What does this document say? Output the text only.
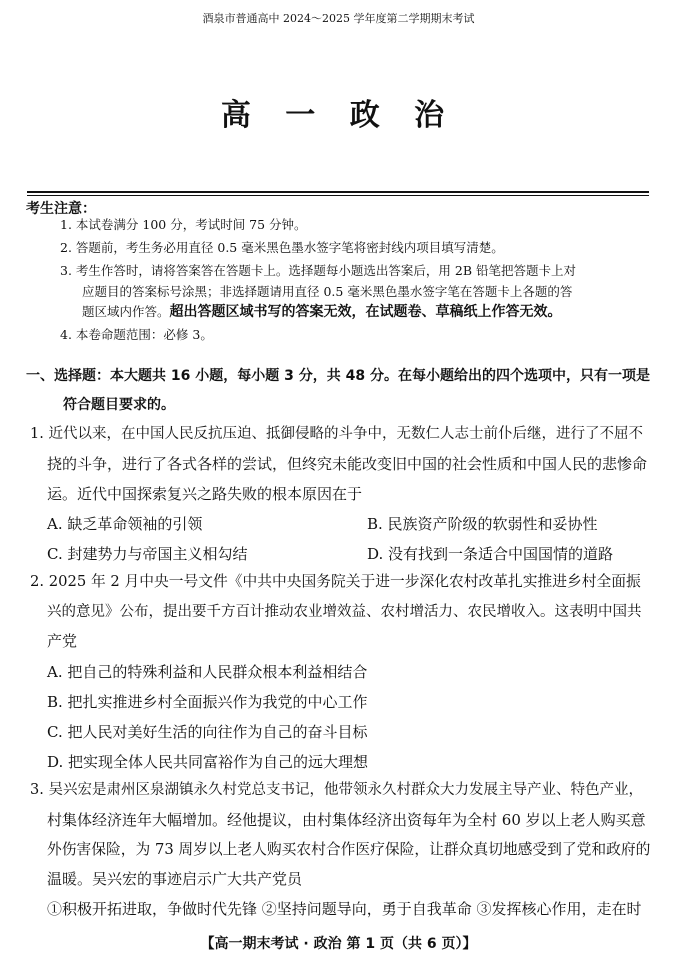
酒泉市普通高中 2024～2025 学年度第二学期期末考试
高 一 政 治
考生注意：
1. 本试卷满分 100 分，考试时间 75 分钟。
2. 答题前，考生务必用直径 0.5 毫米黑色墨水签字笔将密封线内项目填写清楚。
3. 考生作答时，请将答案答在答题卡上。选择题每小题选出答案后，用 2B 铅笔把答题卡上对
应题目的答案标号涂黑；非选择题请用直径 0.5 毫米黑色墨水签字笔在答题卡上各题的答
题区域内作答。超出答题区域书写的答案无效，在试题卷、草稿纸上作答无效。
4. 本卷命题范围：必修 3。
一、选择题：本大题共 16 小题，每小题 3 分，共 48 分。在每小题给出的四个选项中，只有一项是
符合题目要求的。
1. 近代以来，在中国人民反抗压迫、抵御侵略的斗争中，无数仁人志士前仆后继，进行了不屈不
挠的斗争，进行了各式各样的尝试，但终究未能改变旧中国的社会性质和中国人民的悲惨命
运。近代中国探索复兴之路失败的根本原因在于
A. 缺乏革命领袖的引领	B. 民族资产阶级的软弱性和妥协性
C. 封建势力与帝国主义相勾结	D. 没有找到一条适合中国国情的道路
2. 2025 年 2 月中央一号文件《中共中央国务院关于进一步深化农村改革扎实推进乡村全面振
兴的意见》公布，提出要千方百计推动农业增效益、农村增活力、农民增收入。这表明中国共
产党
A. 把自己的特殊利益和人民群众根本利益相结合
B. 把扎实推进乡村全面振兴作为我党的中心工作
C. 把人民对美好生活的向往作为自己的奋斗目标
D. 把实现全体人民共同富裕作为自己的远大理想
3. 吴兴宏是肃州区泉湖镇永久村党总支书记，他带领永久村群众大力发展主导产业、特色产业，
村集体经济连年大幅增加。经他提议，由村集体经济出资每年为全村 60 岁以上老人购买意
外伤害保险，为 73 周岁以上老人购买农村合作医疗保险，让群众真切地感受到了党和政府的
温暖。吴兴宏的事迹启示广大共产党员
①积极开拓进取，争做时代先锋 ②坚持问题导向，勇于自我革命 ③发挥核心作用，走在时
【高一期末考试 · 政治 第 1 页（共 6 页）】
